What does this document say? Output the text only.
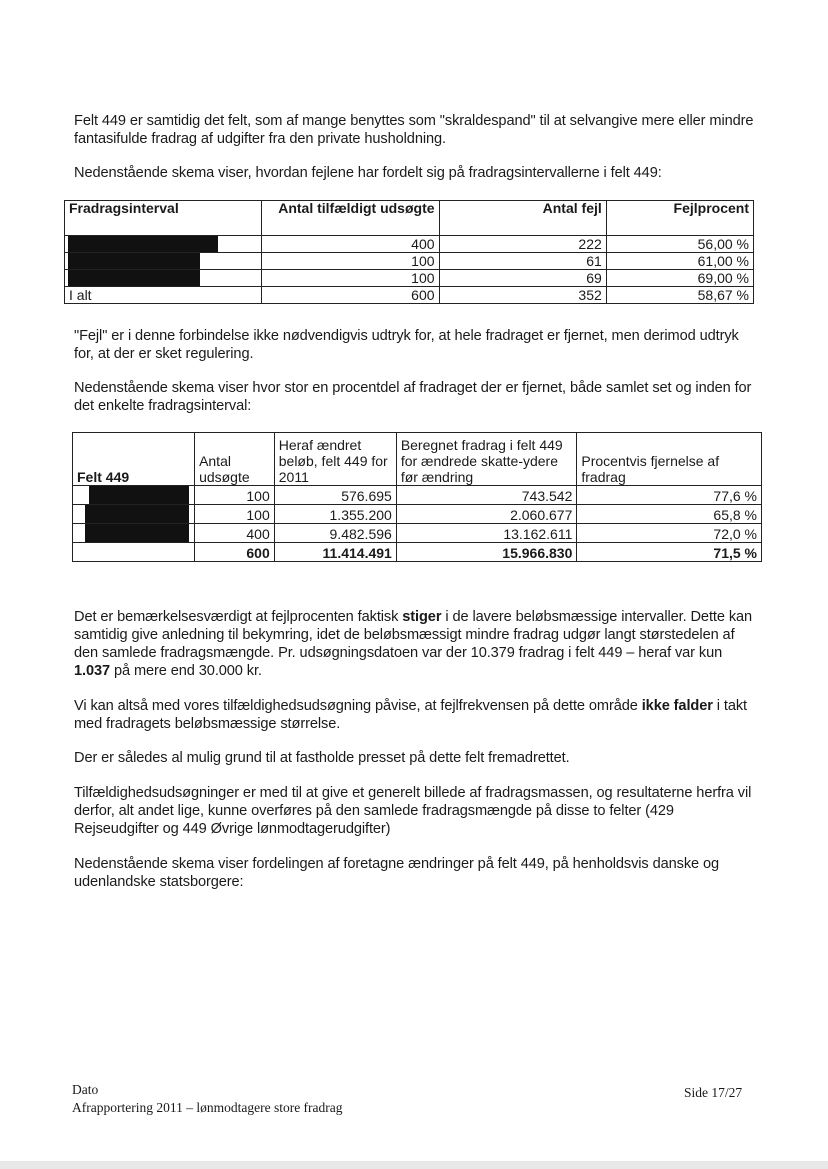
Felt 449 er samtidig det felt, som af mange benyttes som "skraldespand" til at selvangive mere eller mindre fantasifulde fradrag af udgifter fra den private husholdning.

Nedenstående skema viser, hvordan fejlene har fordelt sig på fradragsintervallerne i felt 449:

Fradragsinterval	Antal tilfældigt udsøgte	Antal fejl	Fejlprocent
	400	222	56,00 %
	100	61	61,00 %
	100	69	69,00 %
I alt	600	352	58,67 %

"Fejl" er i denne forbindelse ikke nødvendigvis udtryk for, at hele fradraget er fjernet, men derimod udtryk for, at der er sket regulering.

Nedenstående skema viser hvor stor en procentdel af fradraget der er fjernet, både samlet set og inden for det enkelte fradragsinterval:

Felt 449	Antal udsøgte	Heraf ændret beløb, felt 449 for 2011	Beregnet fradrag i felt 449 for ændrede skatte-ydere før ændring	Procentvis fjernelse af fradrag
	100	576.695	743.542	77,6 %
	100	1.355.200	2.060.677	65,8 %
	400	9.482.596	13.162.611	72,0 %
	600	11.414.491	15.966.830	71,5 %

Det er bemærkelsesværdigt at fejlprocenten faktisk stiger i de lavere beløbsmæssige intervaller. Dette kan samtidig give anledning til bekymring, idet de beløbsmæssigt mindre fradrag udgør langt størstedelen af den samlede fradragsmængde. Pr. udsøgningsdatoen var der 10.379 fradrag i felt 449 – heraf var kun 1.037 på mere end 30.000 kr.

Vi kan altså med vores tilfældighedsudsøgning påvise, at fejlfrekvensen på dette område ikke falder i takt med fradragets beløbsmæssige størrelse.

Der er således al mulig grund til at fastholde presset på dette felt fremadrettet.

Tilfældighedsudsøgninger er med til at give et generelt billede af fradragsmassen, og resultaterne herfra vil derfor, alt andet lige, kunne overføres på den samlede fradragsmængde på disse to felter (429 Rejseudgifter og 449 Øvrige lønmodtagerudgifter)

Nedenstående skema viser fordelingen af foretagne ændringer på felt 449, på henholdsvis danske og udenlandske statsborgere:

Dato
Afrapportering 2011 – lønmodtagere store fradrag
Side 17/27
